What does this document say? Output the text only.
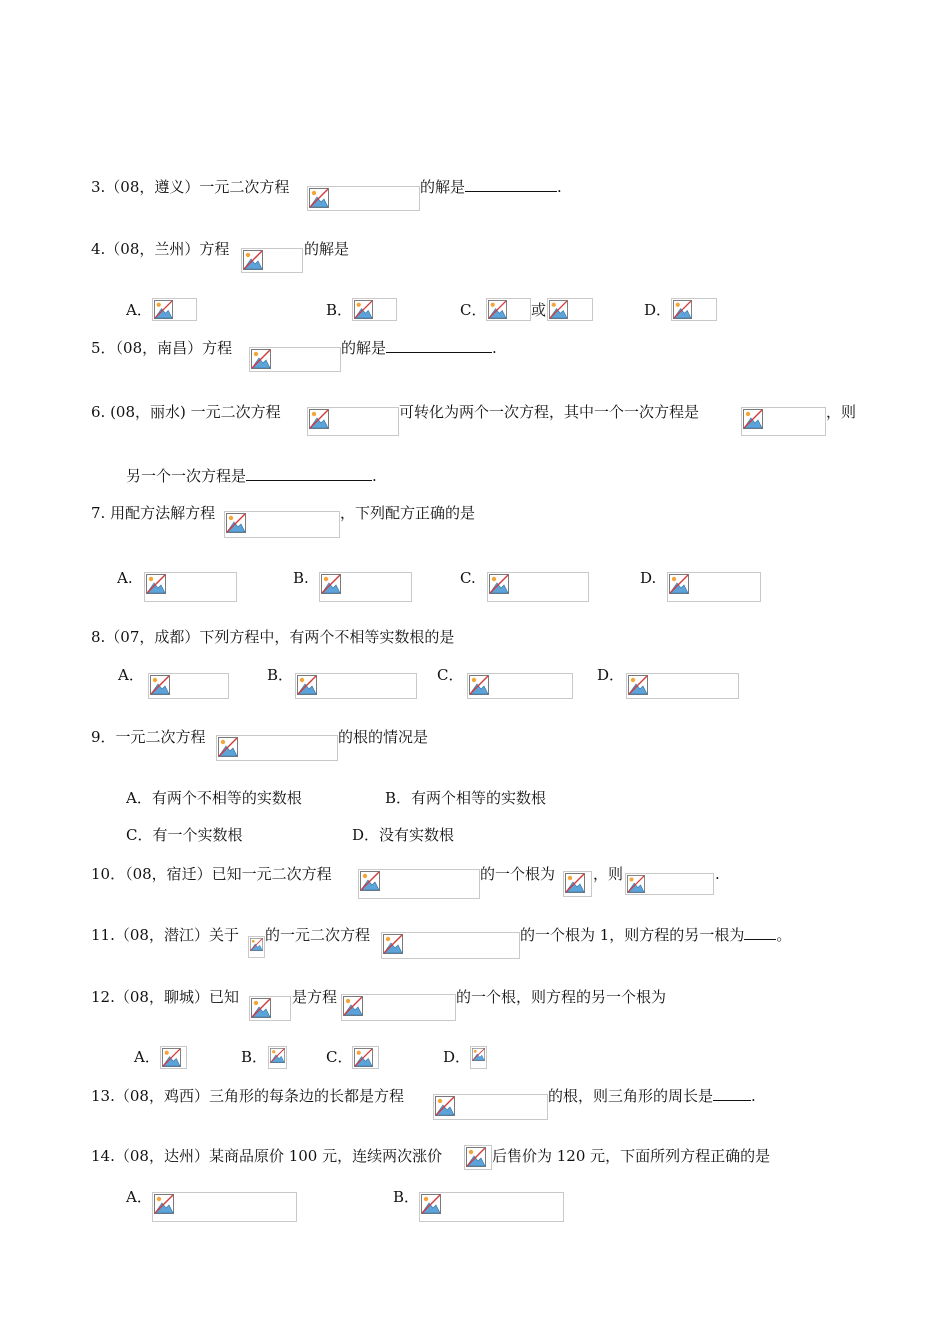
3.（08，遵义）一元二次方程	的解是	.
4.（08，兰州）方程	的解是
A．	B．	C．	或	D．
5．（08，南昌）方程	的解是	.
6. (08，丽水) 一元二次方程	可转化为两个一次方程，其中一个一次方程是	，则
另一个一次方程是	.
7. 用配方法解方程	，下列配方正确的是
A.	B.	C.	D.
8.（07，成都）下列方程中，有两个不相等实数根的是
A．	B．	C．	D．
9．一元二次方程	的根的情况是
A．有两个不相等的实数根	B．有两个相等的实数根
C．有一个实数根	D．没有实数根
10．（08，宿迁）已知一元二次方程	的一个根为	，则	.
11.（08，潜江）关于 的一元二次方程	的一个根为 1，则方程的另一根为 。
12.（08，聊城）已知	是方程	的一个根，则方程的另一个根为
A．	B．	C．	D．
13.（08，鸡西）三角形的每条边的长都是方程	的根，则三角形的周长是	.
14.（08，达州）某商品原价 100 元，连续两次涨价	后售价为 120 元，下面所列方程正确的是
A．	B．
